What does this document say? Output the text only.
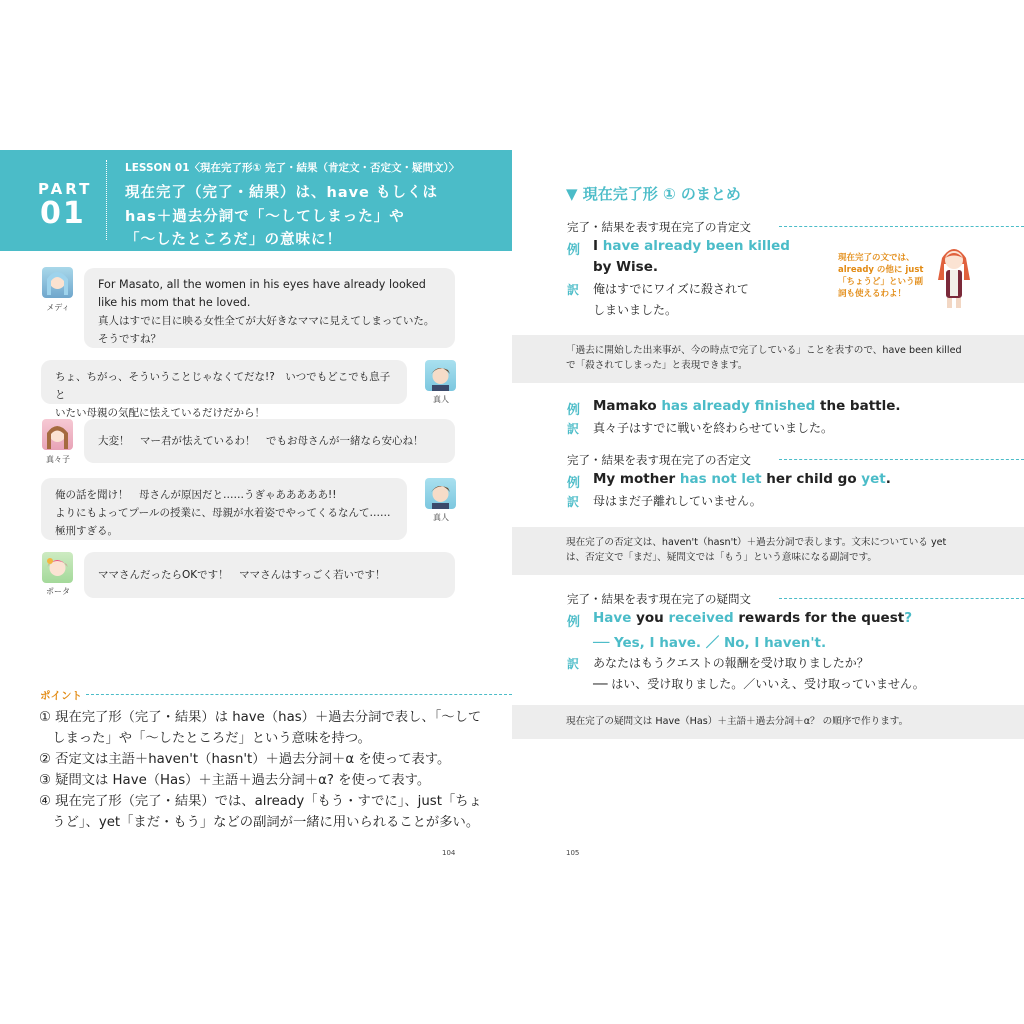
PART
01
LESSON 01〈現在完了形① 完了・結果（肯定文・否定文・疑問文）〉
現在完了（完了・結果）は、have もしくは
has＋過去分詞で「～してしまった」や
「～したところだ」の意味に！
メディ
For Masato, all the women in his eyes have already looked
like his mom that he loved.
真人はすでに目に映る女性全てが大好きなママに見えてしまっていた。
そうですね？
ちょ、ちがっ、そういうことじゃなくてだな!?　いつでもどこでも息子と
いたい母親の気配に怯えているだけだから！
真人
真々子
大変！　マー君が怯えているわ！　でもお母さんが一緒なら安心ね！
俺の話を聞け！　母さんが原因だと……うぎゃあああああ!!
よりにもよってプールの授業に、母親が水着姿でやってくるなんて……
極刑すぎる。
真人
ポータ
ママさんだったらOKです！　ママさんはすっごく若いです！
ポイント
① 現在完了形（完了・結果）は have（has）＋過去分詞で表し、「～して
　しまった」や「～したところだ」という意味を持つ。
② 否定文は主語＋haven't（hasn't）＋過去分詞＋α を使って表す。
③ 疑問文は Have（Has）＋主語＋過去分詞＋α? を使って表す。
④ 現在完了形（完了・結果）では、already「もう・すでに」、just「ちょ
　うど」、yet「まだ・もう」などの副詞が一緒に用いられることが多い。
104
▼ 現在完了形 ① のまとめ
完了・結果を表す現在完了の肯定文
例 I have already been killed
by Wise.
訳 俺はすでにワイズに殺されて
しまいました。
現在完了の文では、
already の他に just
「ちょうど」という副
詞も使えるわよ！
「過去に開始した出来事が、今の時点で完了している」ことを表すので、have been killed
で「殺されてしまった」と表現できます。
例 Mamako has already finished the battle.
訳 真々子はすでに戦いを終わらせていました。
完了・結果を表す現在完了の否定文
例 My mother has not let her child go yet.
訳 母はまだ子離れしていません。
現在完了の否定文は、haven't（hasn't）＋過去分詞で表します。文末についている yet
は、否定文で「まだ」、疑問文では「もう」という意味になる副詞です。
完了・結果を表す現在完了の疑問文
例 Have you received rewards for the quest?
── Yes, I have. ／ No, I haven't.
訳 あなたはもうクエストの報酬を受け取りましたか？
── はい、受け取りました。／いいえ、受け取っていません。
現在完了の疑問文は Have（Has）＋主語＋過去分詞＋α？ の順序で作ります。
105
